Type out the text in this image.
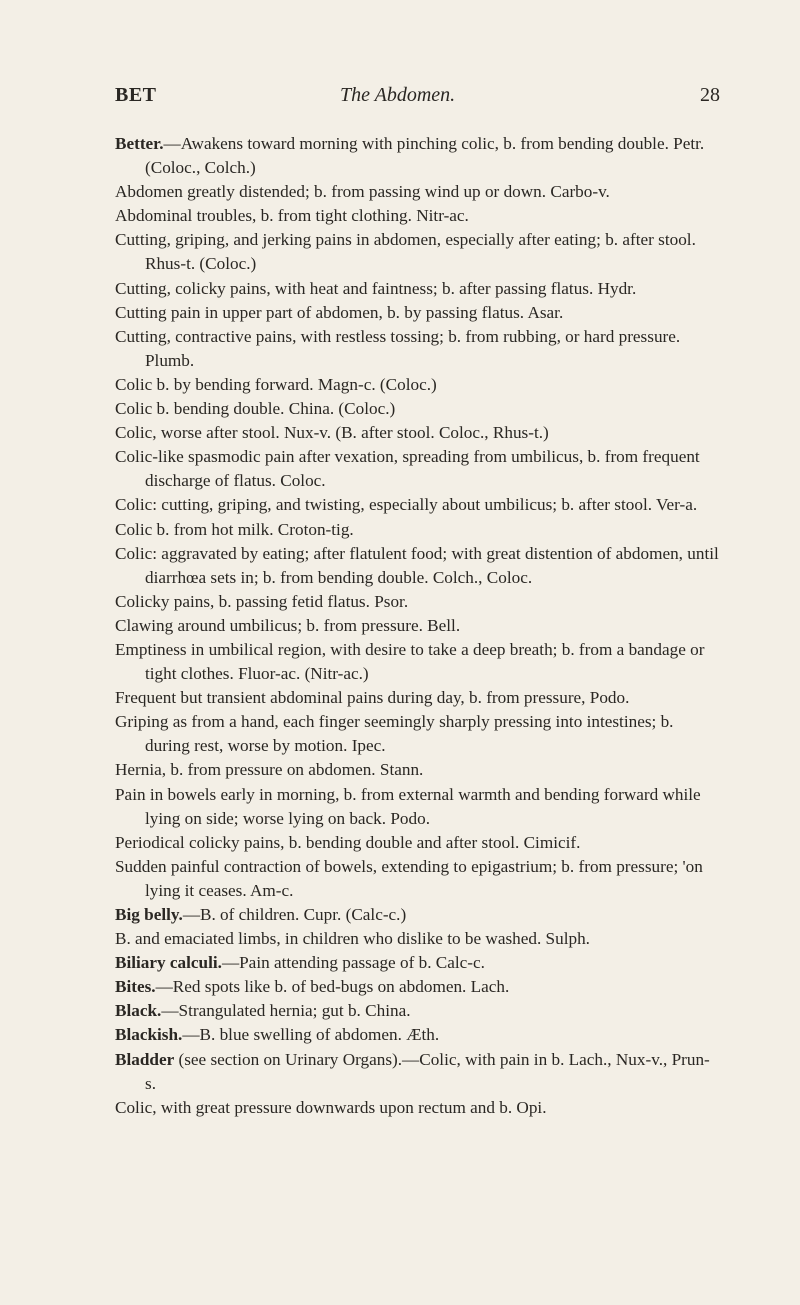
BET	The Abdomen.	28

Better.—Awakens toward morning with pinching colic, b. from bending double. Petr. (Coloc., Colch.)

Abdomen greatly distended; b. from passing wind up or down. Carbo-v.

Abdominal troubles, b. from tight clothing. Nitr-ac.

Cutting, griping, and jerking pains in abdomen, especially after eating; b. after stool. Rhus-t. (Coloc.)

Cutting, colicky pains, with heat and faintness; b. after passing flatus. Hydr.

Cutting pain in upper part of abdomen, b. by passing flatus. Asar.

Cutting, contractive pains, with restless tossing; b. from rubbing, or hard pressure. Plumb.

Colic b. by bending forward. Magn-c. (Coloc.)

Colic b. bending double. China. (Coloc.)

Colic, worse after stool. Nux-v. (B. after stool. Coloc., Rhus-t.)

Colic-like spasmodic pain after vexation, spreading from umbilicus, b. from frequent discharge of flatus. Coloc.

Colic: cutting, griping, and twisting, especially about umbilicus; b. after stool. Ver-a.

Colic b. from hot milk. Croton-tig.

Colic: aggravated by eating; after flatulent food; with great distention of abdomen, until diarrhœa sets in; b. from bending double. Colch., Coloc.

Colicky pains, b. passing fetid flatus. Psor.

Clawing around umbilicus; b. from pressure. Bell.

Emptiness in umbilical region, with desire to take a deep breath; b. from a bandage or tight clothes. Fluor-ac. (Nitr-ac.)

Frequent but transient abdominal pains during day, b. from pressure, Podo.

Griping as from a hand, each finger seemingly sharply pressing into intestines; b. during rest, worse by motion. Ipec.

Hernia, b. from pressure on abdomen. Stann.

Pain in bowels early in morning, b. from external warmth and bending forward while lying on side; worse lying on back. Podo.

Periodical colicky pains, b. bending double and after stool. Cimicif.

Sudden painful contraction of bowels, extending to epigastrium; b. from pressure; 'on lying it ceases. Am-c.

Big belly.—B. of children. Cupr. (Calc-c.)

B. and emaciated limbs, in children who dislike to be washed. Sulph.

Biliary calculi.—Pain attending passage of b. Calc-c.

Bites.—Red spots like b. of bed-bugs on abdomen. Lach.

Black.—Strangulated hernia; gut b. China.

Blackish.—B. blue swelling of abdomen. Æth.

Bladder (see section on Urinary Organs).—Colic, with pain in b. Lach., Nux-v., Prun-s.

Colic, with great pressure downwards upon rectum and b. Opi.
